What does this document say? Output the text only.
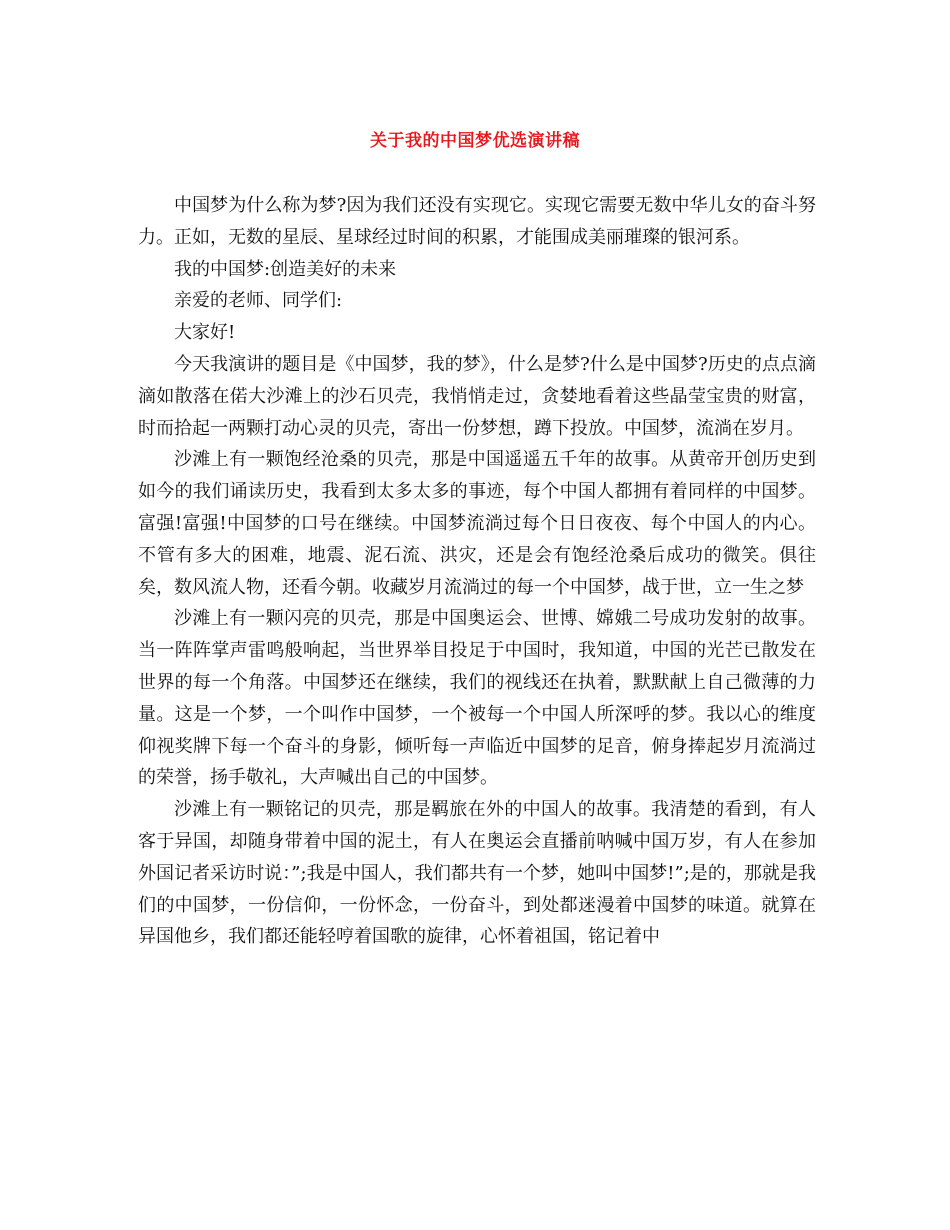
关于我的中国梦优选演讲稿

中国梦为什么称为梦?因为我们还没有实现它。实现它需要无数中华儿女的奋斗努力。正如，无数的星辰、星球经过时间的积累，才能围成美丽璀璨的银河系。

我的中国梦:创造美好的未来

亲爱的老师、同学们:

大家好!

今天我演讲的题目是《中国梦，我的梦》，什么是梦?什么是中国梦?历史的点点滴滴如散落在偌大沙滩上的沙石贝壳，我悄悄走过，贪婪地看着这些晶莹宝贵的财富，时而拾起一两颗打动心灵的贝壳，寄出一份梦想，蹲下投放。中国梦，流淌在岁月。

沙滩上有一颗饱经沧桑的贝壳，那是中国遥遥五千年的故事。从黄帝开创历史到如今的我们诵读历史，我看到太多太多的事迹，每个中国人都拥有着同样的中国梦。富强!富强!中国梦的口号在继续。中国梦流淌过每个日日夜夜、每个中国人的内心。不管有多大的困难，地震、泥石流、洪灾，还是会有饱经沧桑后成功的微笑。俱往矣，数风流人物，还看今朝。收藏岁月流淌过的每一个中国梦，战于世，立一生之梦

沙滩上有一颗闪亮的贝壳，那是中国奥运会、世博、嫦娥二号成功发射的故事。当一阵阵掌声雷鸣般响起，当世界举目投足于中国时，我知道，中国的光芒已散发在世界的每一个角落。中国梦还在继续，我们的视线还在执着，默默献上自己微薄的力量。这是一个梦，一个叫作中国梦，一个被每一个中国人所深呼的梦。我以心的维度仰视奖牌下每一个奋斗的身影，倾听每一声临近中国梦的足音，俯身捧起岁月流淌过的荣誉，扬手敬礼，大声喊出自己的中国梦。

沙滩上有一颗铭记的贝壳，那是羁旅在外的中国人的故事。我清楚的看到，有人客于异国，却随身带着中国的泥土，有人在奥运会直播前呐喊中国万岁，有人在参加外国记者采访时说：”;我是中国人，我们都共有一个梦，她叫中国梦!”;是的，那就是我们的中国梦，一份信仰，一份怀念，一份奋斗，到处都迷漫着中国梦的味道。就算在异国他乡，我们都还能轻哼着国歌的旋律，心怀着祖国，铭记着中
